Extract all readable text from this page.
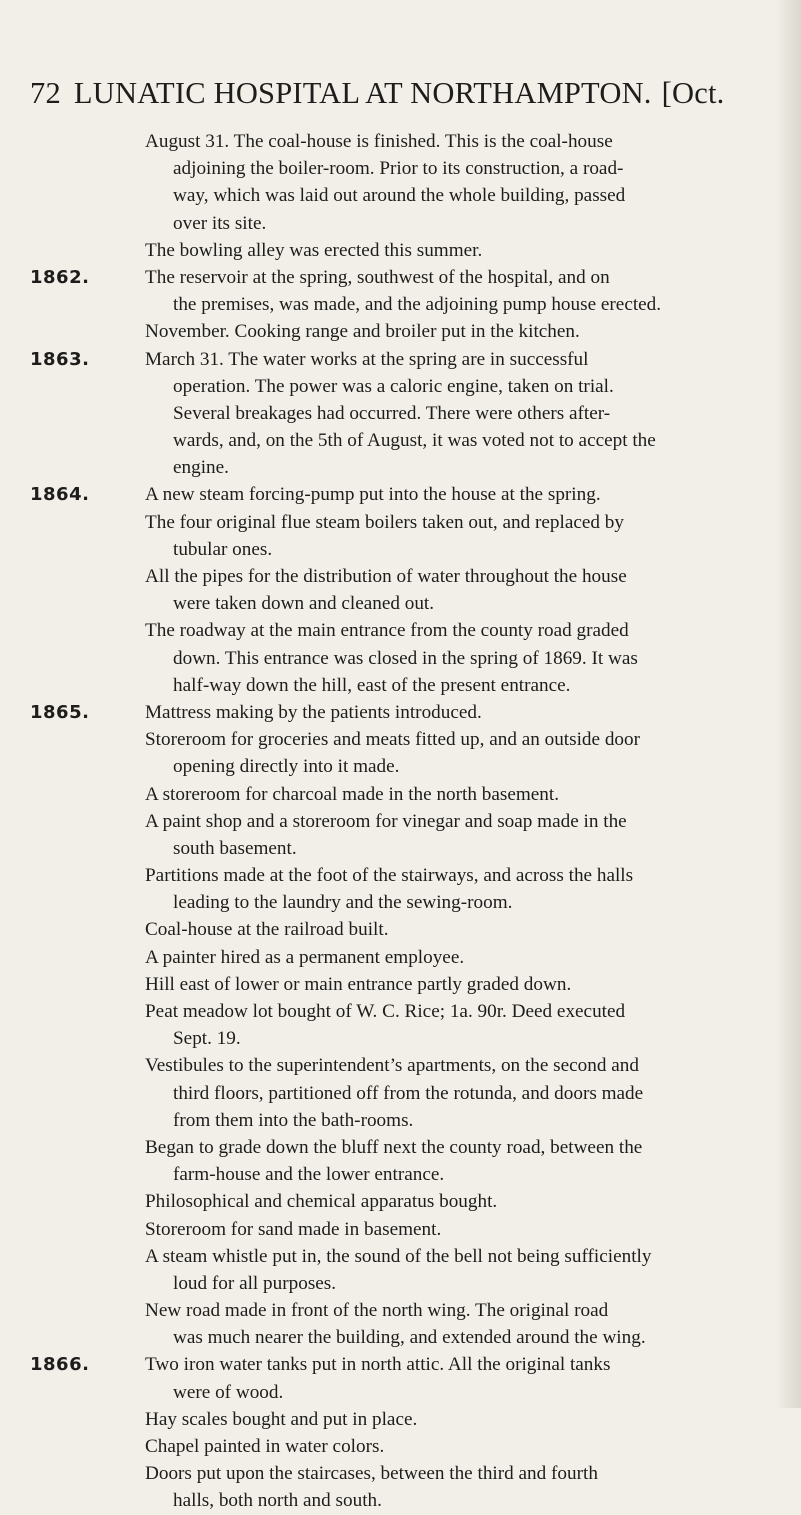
72 LUNATIC HOSPITAL AT NORTHAMPTON. [Oct.
August 31. The coal-house is finished. This is the coal-house
adjoining the boiler-room. Prior to its construction, a road-
way, which was laid out around the whole building, passed
over its site.
The bowling alley was erected this summer.
1862.	The reservoir at the spring, southwest of the hospital, and on
the premises, was made, and the adjoining pump house erected.
November. Cooking range and broiler put in the kitchen.
1863.	March 31. The water works at the spring are in successful
operation. The power was a caloric engine, taken on trial.
Several breakages had occurred. There were others after-
wards, and, on the 5th of August, it was voted not to accept the
engine.
1864.	A new steam forcing-pump put into the house at the spring.
The four original flue steam boilers taken out, and replaced by
tubular ones.
All the pipes for the distribution of water throughout the house
were taken down and cleaned out.
The roadway at the main entrance from the county road graded
down. This entrance was closed in the spring of 1869. It was
half-way down the hill, east of the present entrance.
1865.	Mattress making by the patients introduced.
Storeroom for groceries and meats fitted up, and an outside door
opening directly into it made.
A storeroom for charcoal made in the north basement.
A paint shop and a storeroom for vinegar and soap made in the
south basement.
Partitions made at the foot of the stairways, and across the halls
leading to the laundry and the sewing-room.
Coal-house at the railroad built.
A painter hired as a permanent employee.
Hill east of lower or main entrance partly graded down.
Peat meadow lot bought of W. C. Rice; 1a. 90r. Deed executed
Sept. 19.
Vestibules to the superintendent’s apartments, on the second and
third floors, partitioned off from the rotunda, and doors made
from them into the bath-rooms.
Began to grade down the bluff next the county road, between the
farm-house and the lower entrance.
Philosophical and chemical apparatus bought.
Storeroom for sand made in basement.
A steam whistle put in, the sound of the bell not being sufficiently
loud for all purposes.
New road made in front of the north wing. The original road
was much nearer the building, and extended around the wing.
1866.	Two iron water tanks put in north attic. All the original tanks
were of wood.
Hay scales bought and put in place.
Chapel painted in water colors.
Doors put upon the staircases, between the third and fourth
halls, both north and south.
